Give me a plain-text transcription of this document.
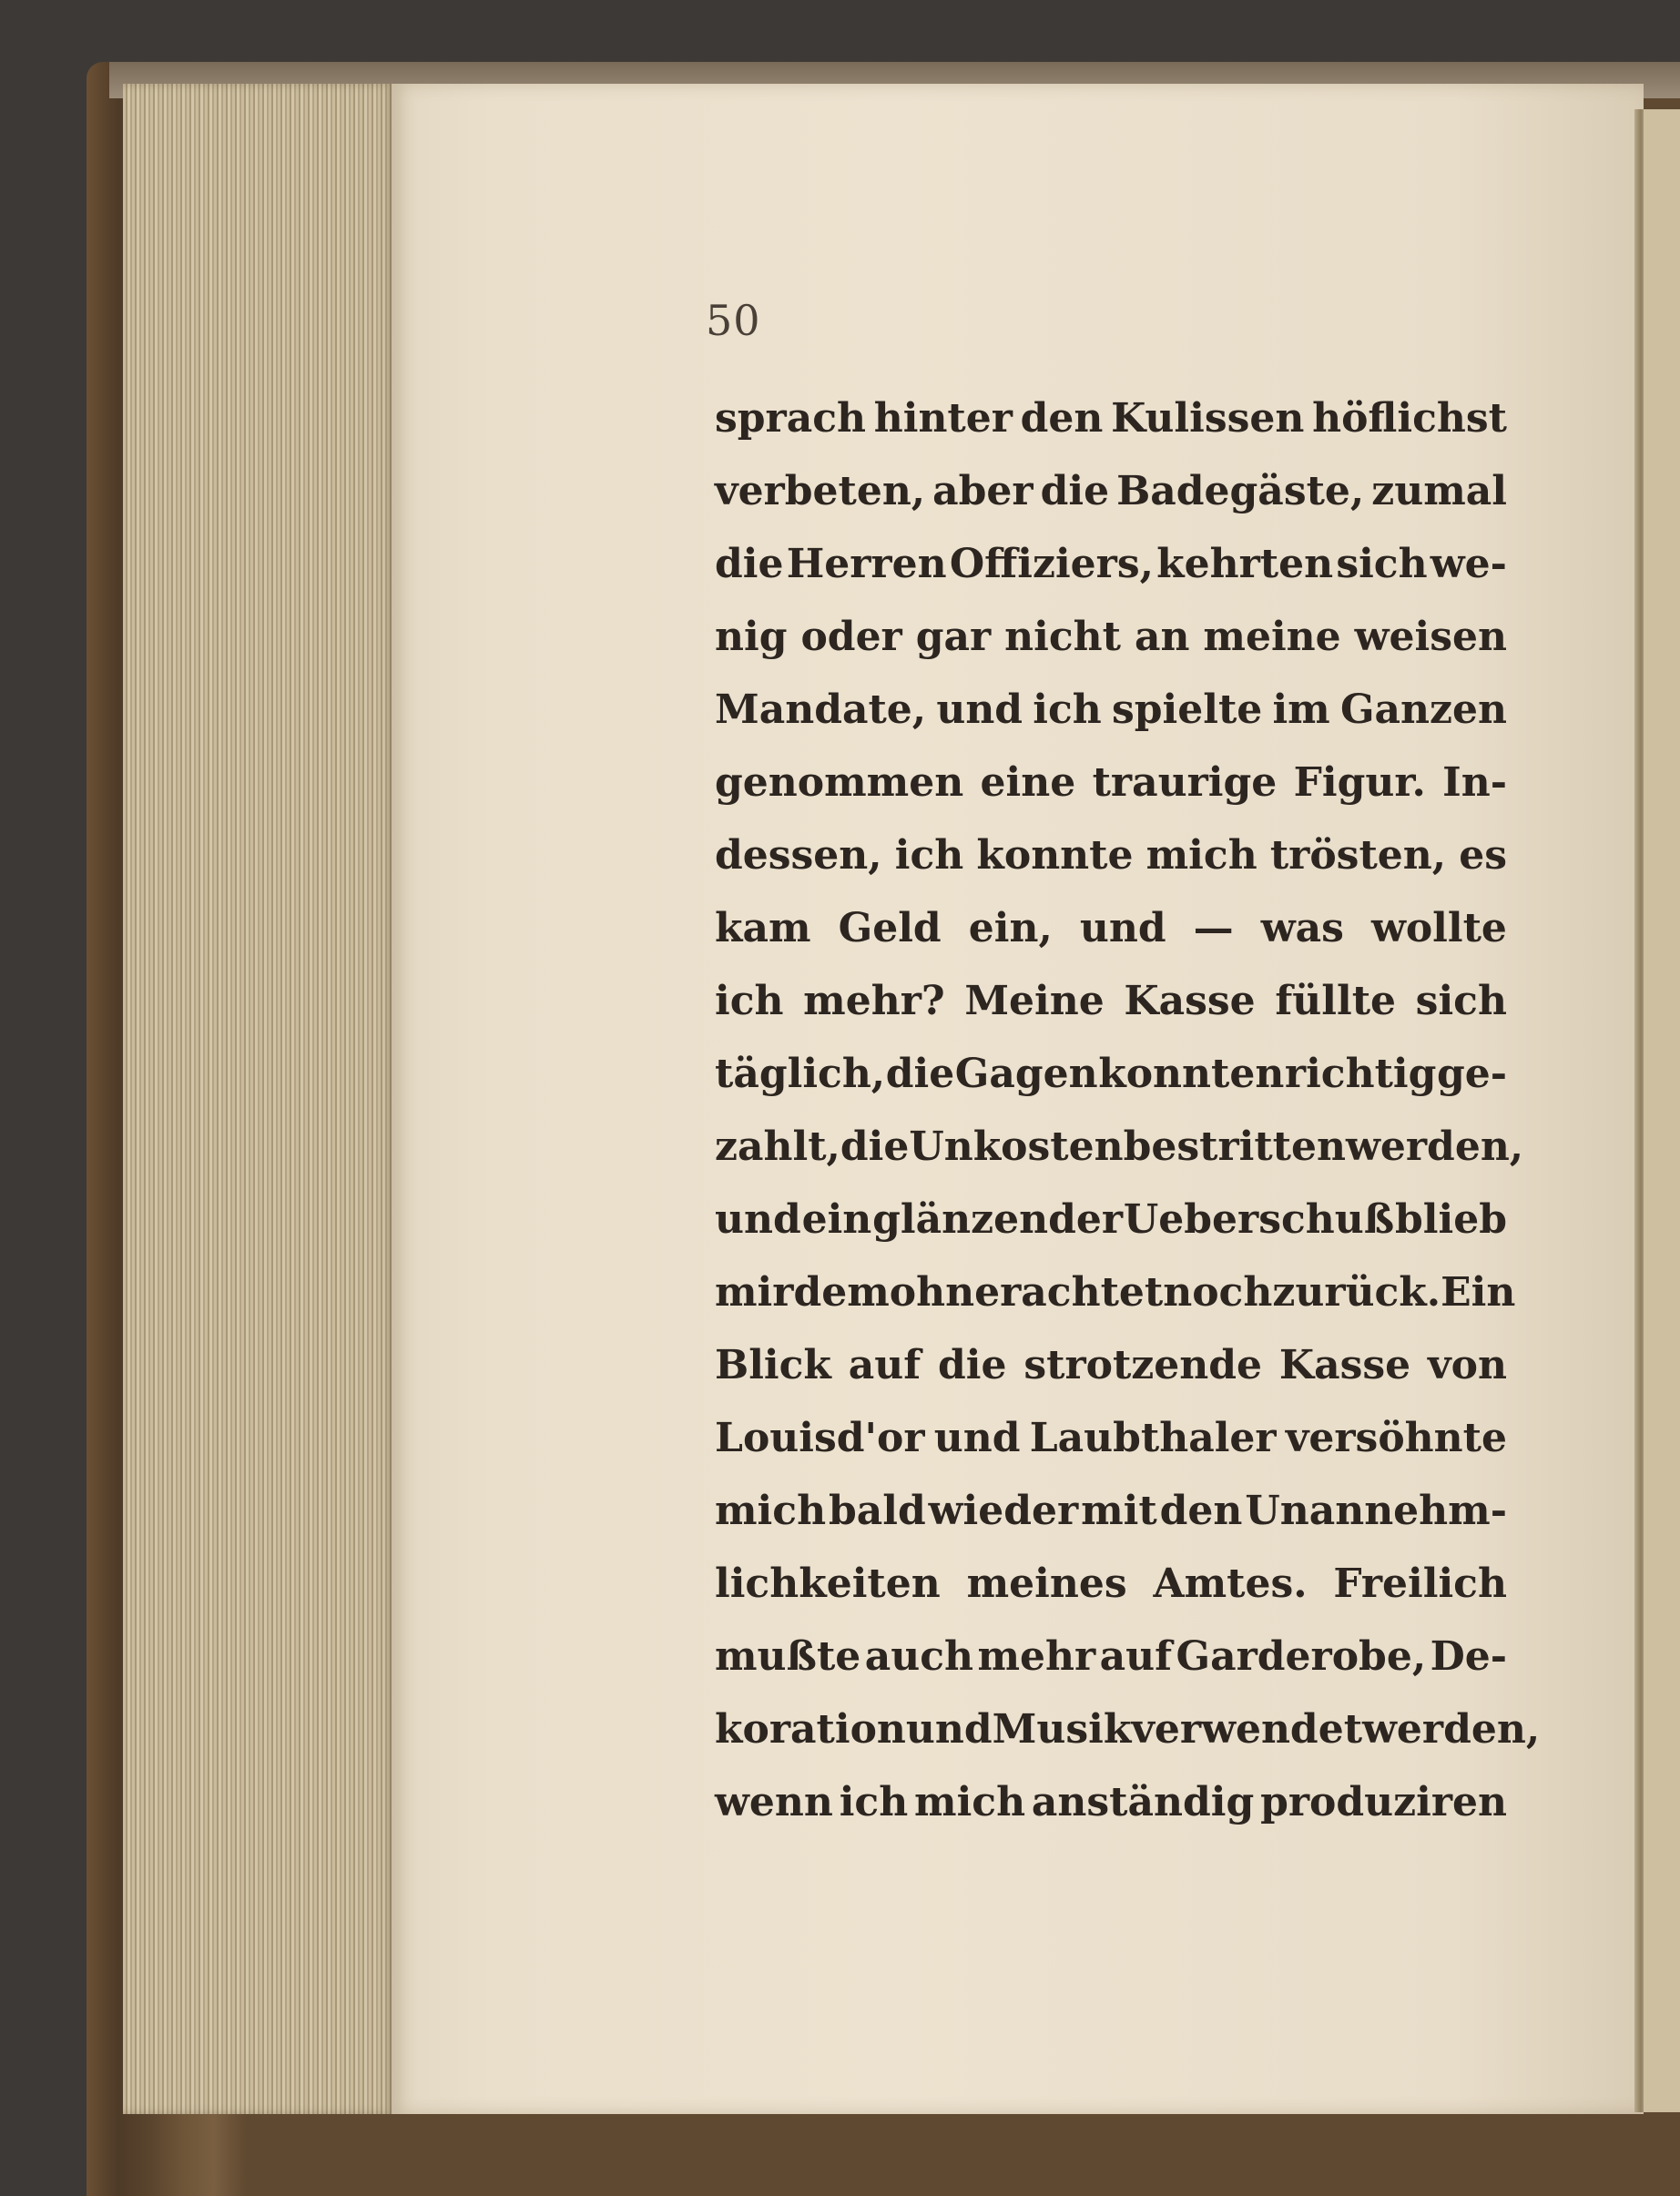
50
sprach hinter den Kulissen höflichst
verbeten, aber die Badegäste, zumal
die Herren Offiziers, kehrten sich we-
nig oder gar nicht an meine weisen
Mandate, und ich spielte im Ganzen
genommen eine traurige Figur. In-
dessen, ich konnte mich trösten, es
kam Geld ein, und — was wollte
ich mehr? Meine Kasse füllte sich
täglich, die Gagen konnten richtig ge-
zahlt, die Unkosten bestritten werden,
und ein glänzender Ueberschuß blieb
mir demohnerachtet noch zurück. Ein
Blick auf die strotzende Kasse von
Louisd'or und Laubthaler versöhnte
mich bald wieder mit den Unannehm-
lichkeiten meines Amtes. Freilich
mußte auch mehr auf Garderobe, De-
koration und Musik verwendet werden,
wenn ich mich anständig produziren
